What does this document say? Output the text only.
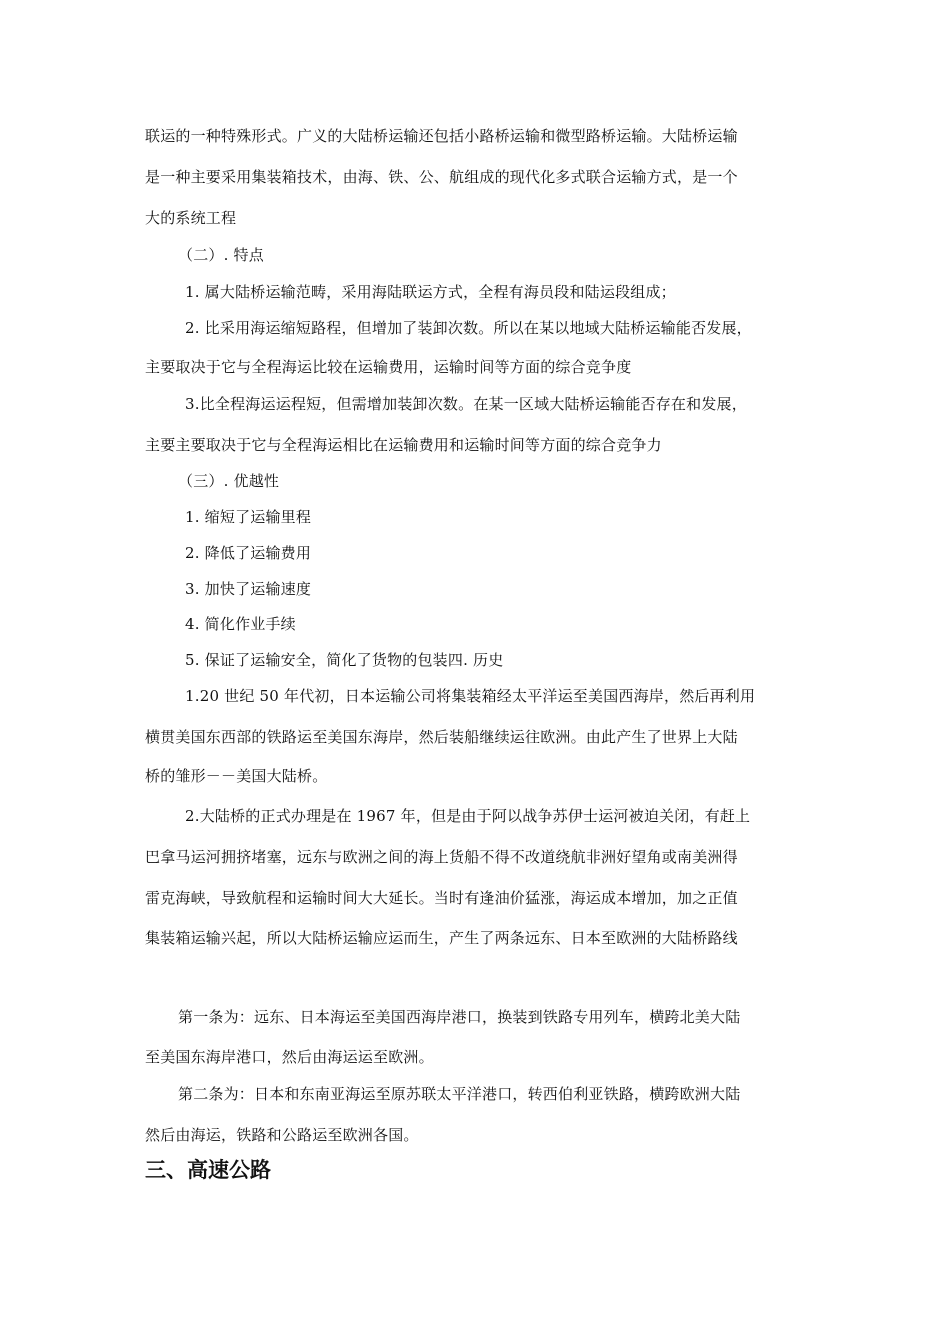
联运的一种特殊形式。广义的大陆桥运输还包括小路桥运输和微型路桥运输。大陆桥运输
是一种主要采用集装箱技术，由海、铁、公、航组成的现代化多式联合运输方式，是一个
大的系统工程
（二）. 特点
1. 属大陆桥运输范畴，采用海陆联运方式，全程有海员段和陆运段组成；
2. 比采用海运缩短路程，但增加了装卸次数。所以在某以地域大陆桥运输能否发展，
主要取决于它与全程海运比较在运输费用，运输时间等方面的综合竞争度
3.比全程海运运程短，但需增加装卸次数。在某一区域大陆桥运输能否存在和发展，
主要主要取决于它与全程海运相比在运输费用和运输时间等方面的综合竞争力
（三）. 优越性
1. 缩短了运输里程
2. 降低了运输费用
3. 加快了运输速度
4. 简化作业手续
5. 保证了运输安全，简化了货物的包装四. 历史
1.20 世纪 50 年代初，日本运输公司将集装箱经太平洋运至美国西海岸，然后再利用
横贯美国东西部的铁路运至美国东海岸，然后装船继续运往欧洲。由此产生了世界上大陆
桥的雏形－－美国大陆桥。
2.大陆桥的正式办理是在 1967 年，但是由于阿以战争苏伊士运河被迫关闭，有赶上
巴拿马运河拥挤堵塞，远东与欧洲之间的海上货船不得不改道绕航非洲好望角或南美洲得
雷克海峡，导致航程和运输时间大大延长。当时有逢油价猛涨，海运成本增加，加之正值
集装箱运输兴起，所以大陆桥运输应运而生，产生了两条远东、日本至欧洲的大陆桥路线
第一条为：远东、日本海运至美国西海岸港口，换装到铁路专用列车，横跨北美大陆
至美国东海岸港口，然后由海运运至欧洲。
第二条为：日本和东南亚海运至原苏联太平洋港口，转西伯利亚铁路，横跨欧洲大陆
然后由海运，铁路和公路运至欧洲各国。
三、高速公路
